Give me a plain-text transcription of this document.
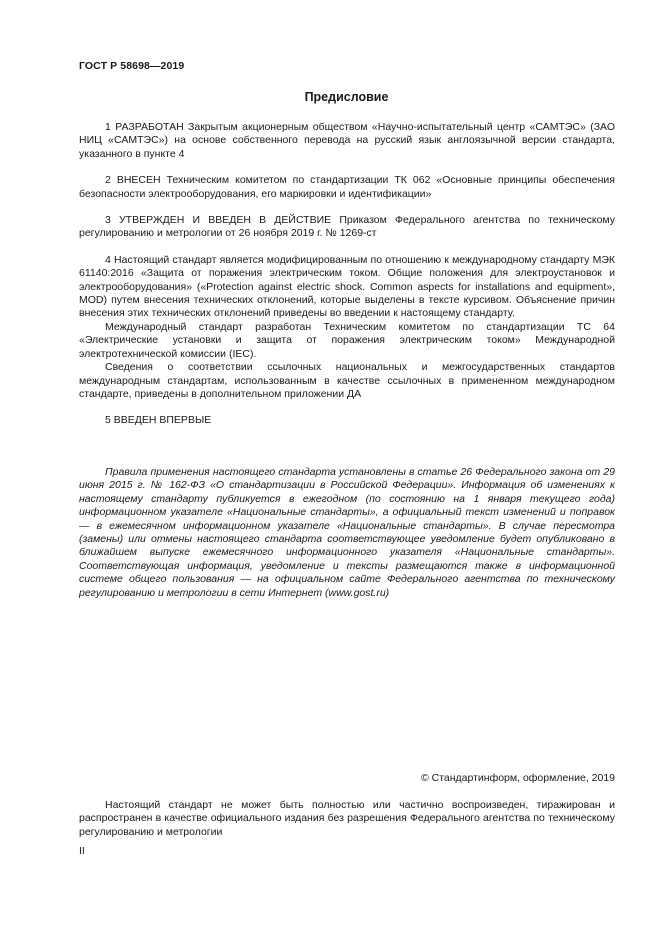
ГОСТ Р 58698—2019
Предисловие

1 РАЗРАБОТАН Закрытым акционерным обществом «Научно-испытательный центр «САМТЭС» (ЗАО НИЦ «САМТЭС») на основе собственного перевода на русский язык англоязычной версии стандарта, указанного в пункте 4

2 ВНЕСЕН Техническим комитетом по стандартизации ТК 062 «Основные принципы обеспечения безопасности электрооборудования, его маркировки и идентификации»

3 УТВЕРЖДЕН И ВВЕДЕН В ДЕЙСТВИЕ Приказом Федерального агентства по техническому регулированию и метрологии от 26 ноября 2019 г. № 1269-ст

4 Настоящий стандарт является модифицированным по отношению к международному стандарту МЭК 61140:2016 «Защита от поражения электрическим током. Общие положения для электроустановок и электрооборудования» («Protection against electric shock. Common aspects for installations and equipment», MOD) путем внесения технических отклонений, которые выделены в тексте курсивом. Объяснение причин внесения этих технических отклонений приведены во введении к настоящему стандарту.

Международный стандарт разработан Техническим комитетом по стандартизации ТС 64 «Электрические установки и защита от поражения электрическим током» Международной электротехнической комиссии (IEC).

Сведения о соответствии ссылочных национальных и межгосударственных стандартов международным стандартам, использованным в качестве ссылочных в примененном международном стандарте, приведены в дополнительном приложении ДА

5 ВВЕДЕН ВПЕРВЫЕ

Правила применения настоящего стандарта установлены в статье 26 Федерального закона от 29 июня 2015 г. № 162-ФЗ «О стандартизации в Российской Федерации». Информация об изменениях к настоящему стандарту публикуется в ежегодном (по состоянию на 1 января текущего года) информационном указателе «Национальные стандарты», а официальный текст изменений и поправок — в ежемесячном информационном указателе «Национальные стандарты». В случае пересмотра (замены) или отмены настоящего стандарта соответствующее уведомление будет опубликовано в ближайшем выпуске ежемесячного информационного указателя «Национальные стандарты». Соответствующая информация, уведомление и тексты размещаются также в информационной системе общего пользования — на официальном сайте Федерального агентства по техническому регулированию и метрологии в сети Интернет (www.gost.ru)

© Стандартинформ, оформление, 2019

Настоящий стандарт не может быть полностью или частично воспроизведен, тиражирован и распространен в качестве официального издания без разрешения Федерального агентства по техническому регулированию и метрологии

II
